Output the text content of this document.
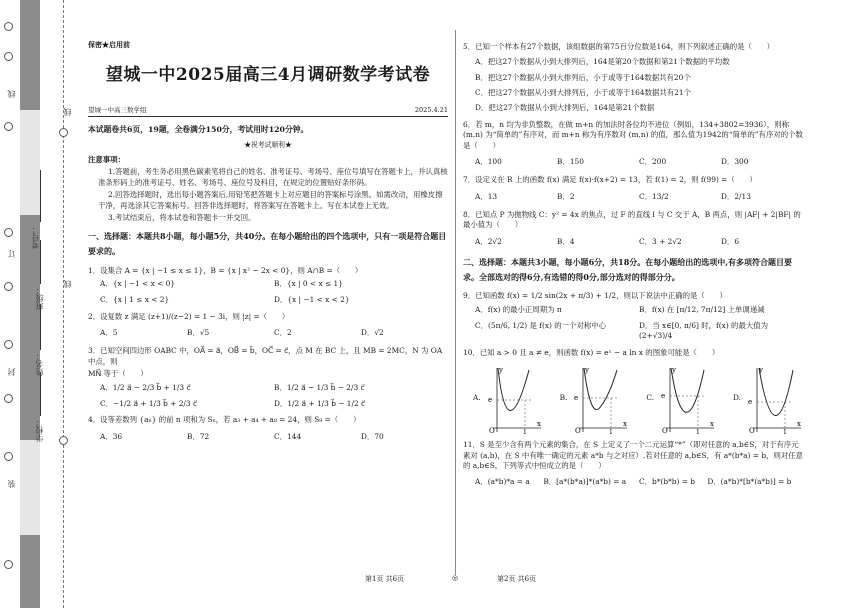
线
订
封
装
线
线
考号：
班级：
姓名：
学校：
保密★启用前
望城一中2025届高三4月调研数学考试卷
望城一中高三数学组	2025.4.21
本试题卷共6页，19题，全卷满分150分，考试用时120分钟。
★祝考试顺利★
注意事项：

1.答题前，考生务必用黑色碳素笔将自己的姓名、准考证号、考场号、座位号填写在答题卡上，并认真核准条形码上的准考证号、姓名、考场号、座位号及科目，在规定的位置贴好条形码。

2.回答选择题时，选出每小题答案后,用铅笔把答题卡上对应题目的答案标号涂黑。如需改动，用橡皮擦干净，再选涂其它答案标号。回答非选择题时，将答案写在答题卡上。写在本试卷上无效。

3.考试结束后，将本试卷和答题卡一并交回。

一、选择题：本题共8小题，每小题5分，共40分。在每小题给出的四个选项中，只有一项是符合题目要求的。
1．设集合 A = {x | −1 ≤ x ≤ 1}，B = {x | x² − 2x < 0}，则 A∩B =（　　）
A．{x | −1 < x < 0}	B．{x | 0 < x ≤ 1}
C．{x | 1 ≤ x < 2}	D．{x | −1 < x < 2}
2．设复数 z 满足 (z+1)/(z−2) = 1 − 3i，则 |z| =（　　）
A．5	B．√5	C．2	D．√2
3．已知空间四边形 OABC 中，OA⃗ = a⃗，OB⃗ = b⃗，OC⃗ = c⃗，点 M 在 BC 上，且 MB = 2MC，N 为 OA 中点，则
MN⃗ 等于（　　）
A．1/2 a⃗ − 2/3 b⃗ + 1/3 c⃗	B．1/2 a⃗ − 1/3 b⃗ − 2/3 c⃗
C．−1/2 a⃗ + 1/3 b⃗ + 2/3 c⃗	D．1/2 a⃗ + 1/3 b⃗ − 1/2 c⃗
4．设等差数列 {aₙ} 的前 n 项和为 Sₙ，若 a₃ + a₄ + a₈ = 24，则 S₉ =（　　）
A．36	B．72	C．144	D．70
5．已知一个样本有27个数据，该组数据的第75百分位数是164，则下列叙述正确的是（　　）
A．把这27个数据从小到大排列后，164是第20个数据和第21个数据的平均数
B．把这27个数据从小到大排列后，小于或等于164数据共有20个
C．把这27个数据从小到大排列后，小于或等于164数据共有21个
D．把这27个数据从小到大排列后，164是第21个数据
6．若 m，n 均为非负整数，在做 m+n 的加法时各位均不进位（例如，134+3802=3936），则称 (m,n) 为“简单的”有序对，而 m+n 称为有序数对 (m,n) 的值，那么值为1942的“简单的”有序对的个数是（　　）
A．100	B．150	C．200	D．300
7．设定义在 R 上的函数 f(x) 满足 f(x)·f(x+2) = 13，若 f(1) = 2，则 f(99) =（　　）
A．13	B．2	C．13/2	D．2/13
8．已知点 P 为抛物线 C：y² = 4x 的焦点，过 F 的直线 l 与 C 交于 A，B 两点，则 |AF| + 2|BF| 的最小值为（　　）
A．2√2	B．4	C．3 + 2√2	D．6
二、选择题：本题共3小题，每小题6分，共18分。在每小题给出的选项中,有多项符合题目要求。全部选对的得6分,有选错的得0分,部分选对的得部分分。
9．已知函数 f(x) = 1/2 sin(2x + π/3) + 1/2，则以下说法中正确的是（　　）
A．f(x) 的最小正周期为 π	B．f(x) 在 [π/12, 7π/12] 上单调递减
C．(5π/6, 1/2) 是 f(x) 的一个对称中心	D．当 x∈[0, π/6] 时，f(x) 的最大值为 (2+√3)/4
10．已知 a > 0 且 a ≠ e，则函数 f(x) = eˣ − a ln x 的图象可能是（　　）
A.
y
x
O	1
e	B.
y
x
O	1
e	C.
y
x
O	1
e	D.
y
x
O	1
e
11．S 是至少含有两个元素的集合，在 S 上定义了一个二元运算“*”（即对任意的 a,b∈S，对于有序元素对 (a,b)，在 S 中有唯一确定的元素 a*b 与之对应）.若对任意的 a,b∈S，有 a*(b*a) = b，则对任意的 a,b∈S，下列等式中恒成立的是（　　）
A．(a*b)*a = a	B．[a*(b*a)]*(a*b) = a	C．b*(b*b) = b	D．(a*b)*[b*(a*b)] = b
第1页 共6页	◎	第2页 共6页
